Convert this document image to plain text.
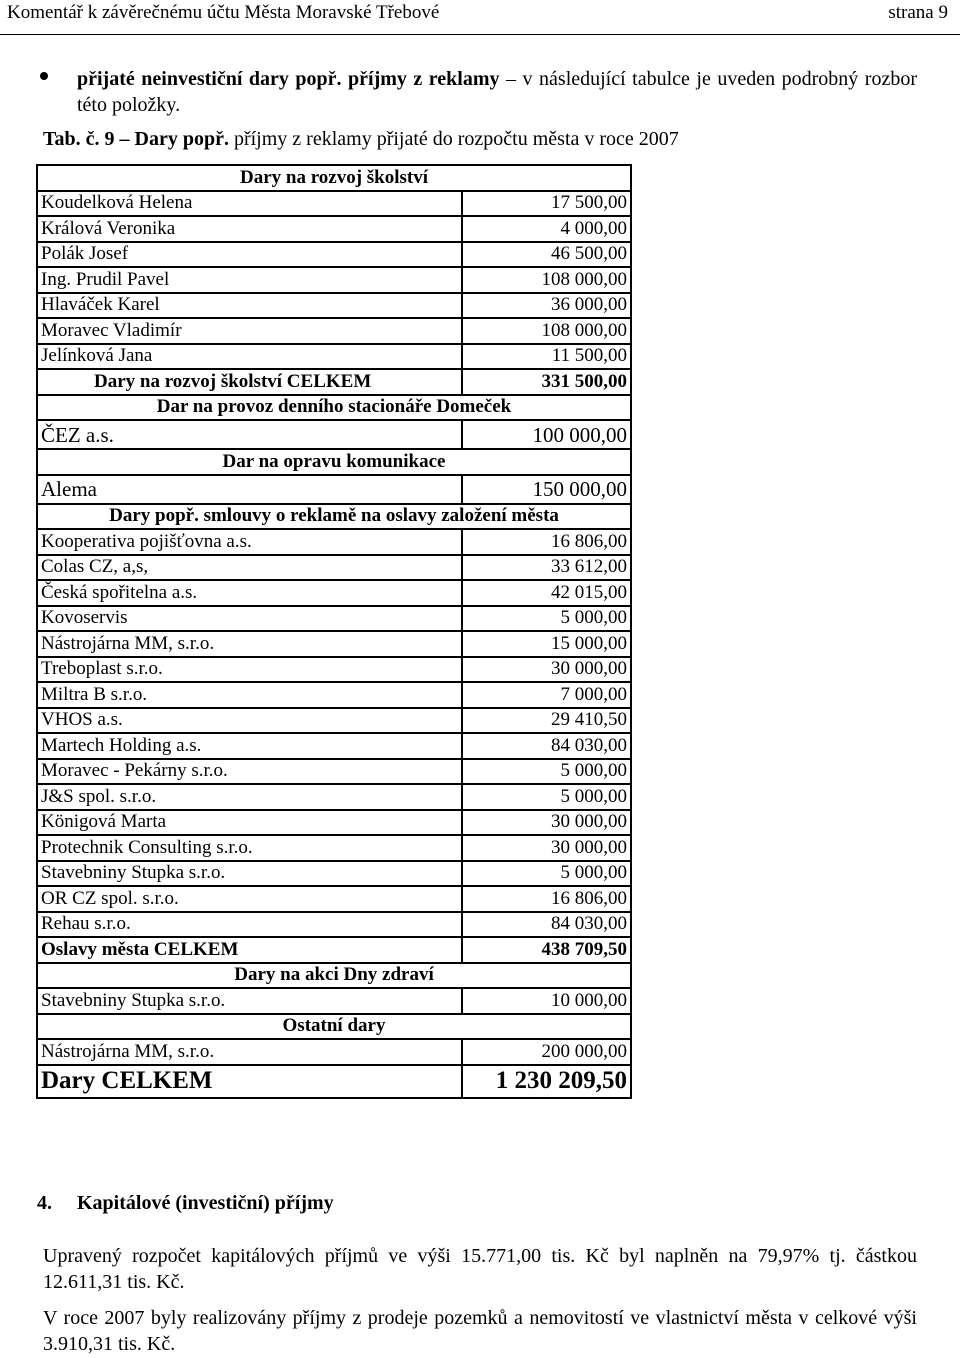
Komentář k závěrečnému účtu Města Moravské Třebové	strana 9
přijaté neinvestiční dary popř. příjmy z reklamy – v následující tabulce je uveden podrobný rozbor této položky.
Tab. č. 9 – Dary popř. příjmy z reklamy přijaté do rozpočtu města v roce 2007
Dary na rozvoj školství	
Koudelková Helena	17 500,00
Králová Veronika	4 000,00
Polák Josef	46 500,00
Ing. Prudil Pavel	108 000,00
Hlaváček Karel	36 000,00
Moravec Vladimír	108 000,00
Jelínková Jana	11 500,00
Dary na rozvoj školství CELKEM	331 500,00
Dar na provoz denního stacionáře Domeček	
ČEZ a.s.	100 000,00
Dar na opravu komunikace	
Alema	150 000,00
Dary popř. smlouvy o reklamě na oslavy založení města	
Kooperativa pojišťovna a.s.	16 806,00
Colas CZ, a,s,	33 612,00
Česká spořitelna a.s.	42 015,00
Kovoservis	5 000,00
Nástrojárna MM, s.r.o.	15 000,00
Treboplast s.r.o.	30 000,00
Miltra B s.r.o.	7 000,00
VHOS a.s.	29 410,50
Martech Holding a.s.	84 030,00
Moravec - Pekárny s.r.o.	5 000,00
J&S spol. s.r.o.	5 000,00
Königová Marta	30 000,00
Protechnik Consulting s.r.o.	30 000,00
Stavebniny Stupka s.r.o.	5 000,00
OR CZ spol. s.r.o.	16 806,00
Rehau s.r.o.	84 030,00
Oslavy města CELKEM	438 709,50
Dary na akci Dny zdraví	
Stavebniny Stupka s.r.o.	10 000,00
Ostatní dary	
Nástrojárna MM, s.r.o.	200 000,00
Dary CELKEM	1 230 209,50
4. Kapitálové (investiční) příjmy
Upravený rozpočet kapitálových příjmů ve výši 15.771,00 tis. Kč byl naplněn na 79,97% tj. částkou 12.611,31 tis. Kč.
V roce 2007 byly realizovány příjmy z prodeje pozemků a nemovitostí ve vlastnictví města v celkové výši 3.910,31 tis. Kč.
